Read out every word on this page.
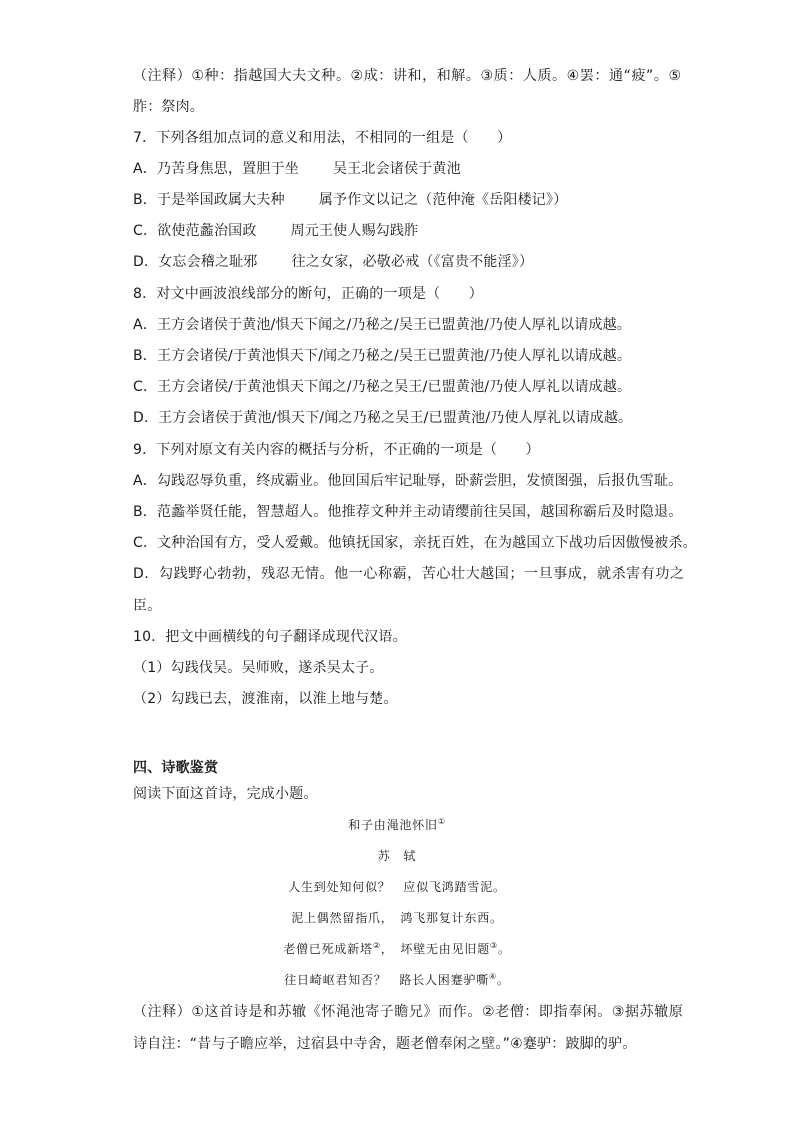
（注释）①种：指越国大夫文种。②成：讲和，和解。③质：人质。④罢：通“疲”。⑤
胙：祭肉。
7．下列各组加点词的意义和用法，不相同的一组是（　　）
A．乃苦身焦思，置胆于坐 吴王北会诸侯于黄池
B．于是举国政属大夫种 属予作文以记之（范仲淹《岳阳楼记》）
C．欲使范蠡治国政 周元王使人赐勾践胙
D．女忘会稽之耻邪 往之女家，必敬必戒（《富贵不能淫》）
8．对文中画波浪线部分的断句，正确的一项是（　　）
A．王方会诸侯于黄池/惧天下闻之/乃秘之/吴王已盟黄池/乃使人厚礼以请成越。
B．王方会诸侯/于黄池惧天下/闻之乃秘之/吴王已盟黄池/乃使人厚礼以请成越。
C．王方会诸侯/于黄池惧天下闻之/乃秘之吴王/已盟黄池/乃使人厚礼以请成越。
D．王方会诸侯于黄池/惧天下/闻之乃秘之吴王/已盟黄池/乃使人厚礼以请成越。
9．下列对原文有关内容的概括与分析，不正确的一项是（　　）
A．勾践忍辱负重，终成霸业。他回国后牢记耻辱，卧薪尝胆，发愤图强，后报仇雪耻。
B．范蠡举贤任能，智慧超人。他推荐文种并主动请缨前往吴国，越国称霸后及时隐退。
C．文种治国有方，受人爱戴。他镇抚国家，亲抚百姓，在为越国立下战功后因傲慢被杀。
D．勾践野心勃勃，残忍无情。他一心称霸，苦心壮大越国；一旦事成，就杀害有功之
臣。
10．把文中画横线的句子翻译成现代汉语。
（1）勾践伐吴。吴师败，遂杀吴太子。
（2）勾践已去，渡淮南，以淮上地与楚。
四、诗歌鉴赏
阅读下面这首诗，完成小题。
和子由渑池怀旧①
苏　轼
人生到处知何似？　应似飞鸿踏雪泥。
泥上偶然留指爪，　鸿飞那复计东西。
老僧已死成新塔②，　坏壁无由见旧题③。
往日崎岖君知否？　路长人困蹇驴嘶④。
（注释）①这首诗是和苏辙《怀渑池寄子瞻兄》而作。②老僧：即指奉闲。③据苏辙原
诗自注：“昔与子瞻应举，过宿县中寺舍，题老僧奉闲之壁。”④蹇驴：跛脚的驴。
